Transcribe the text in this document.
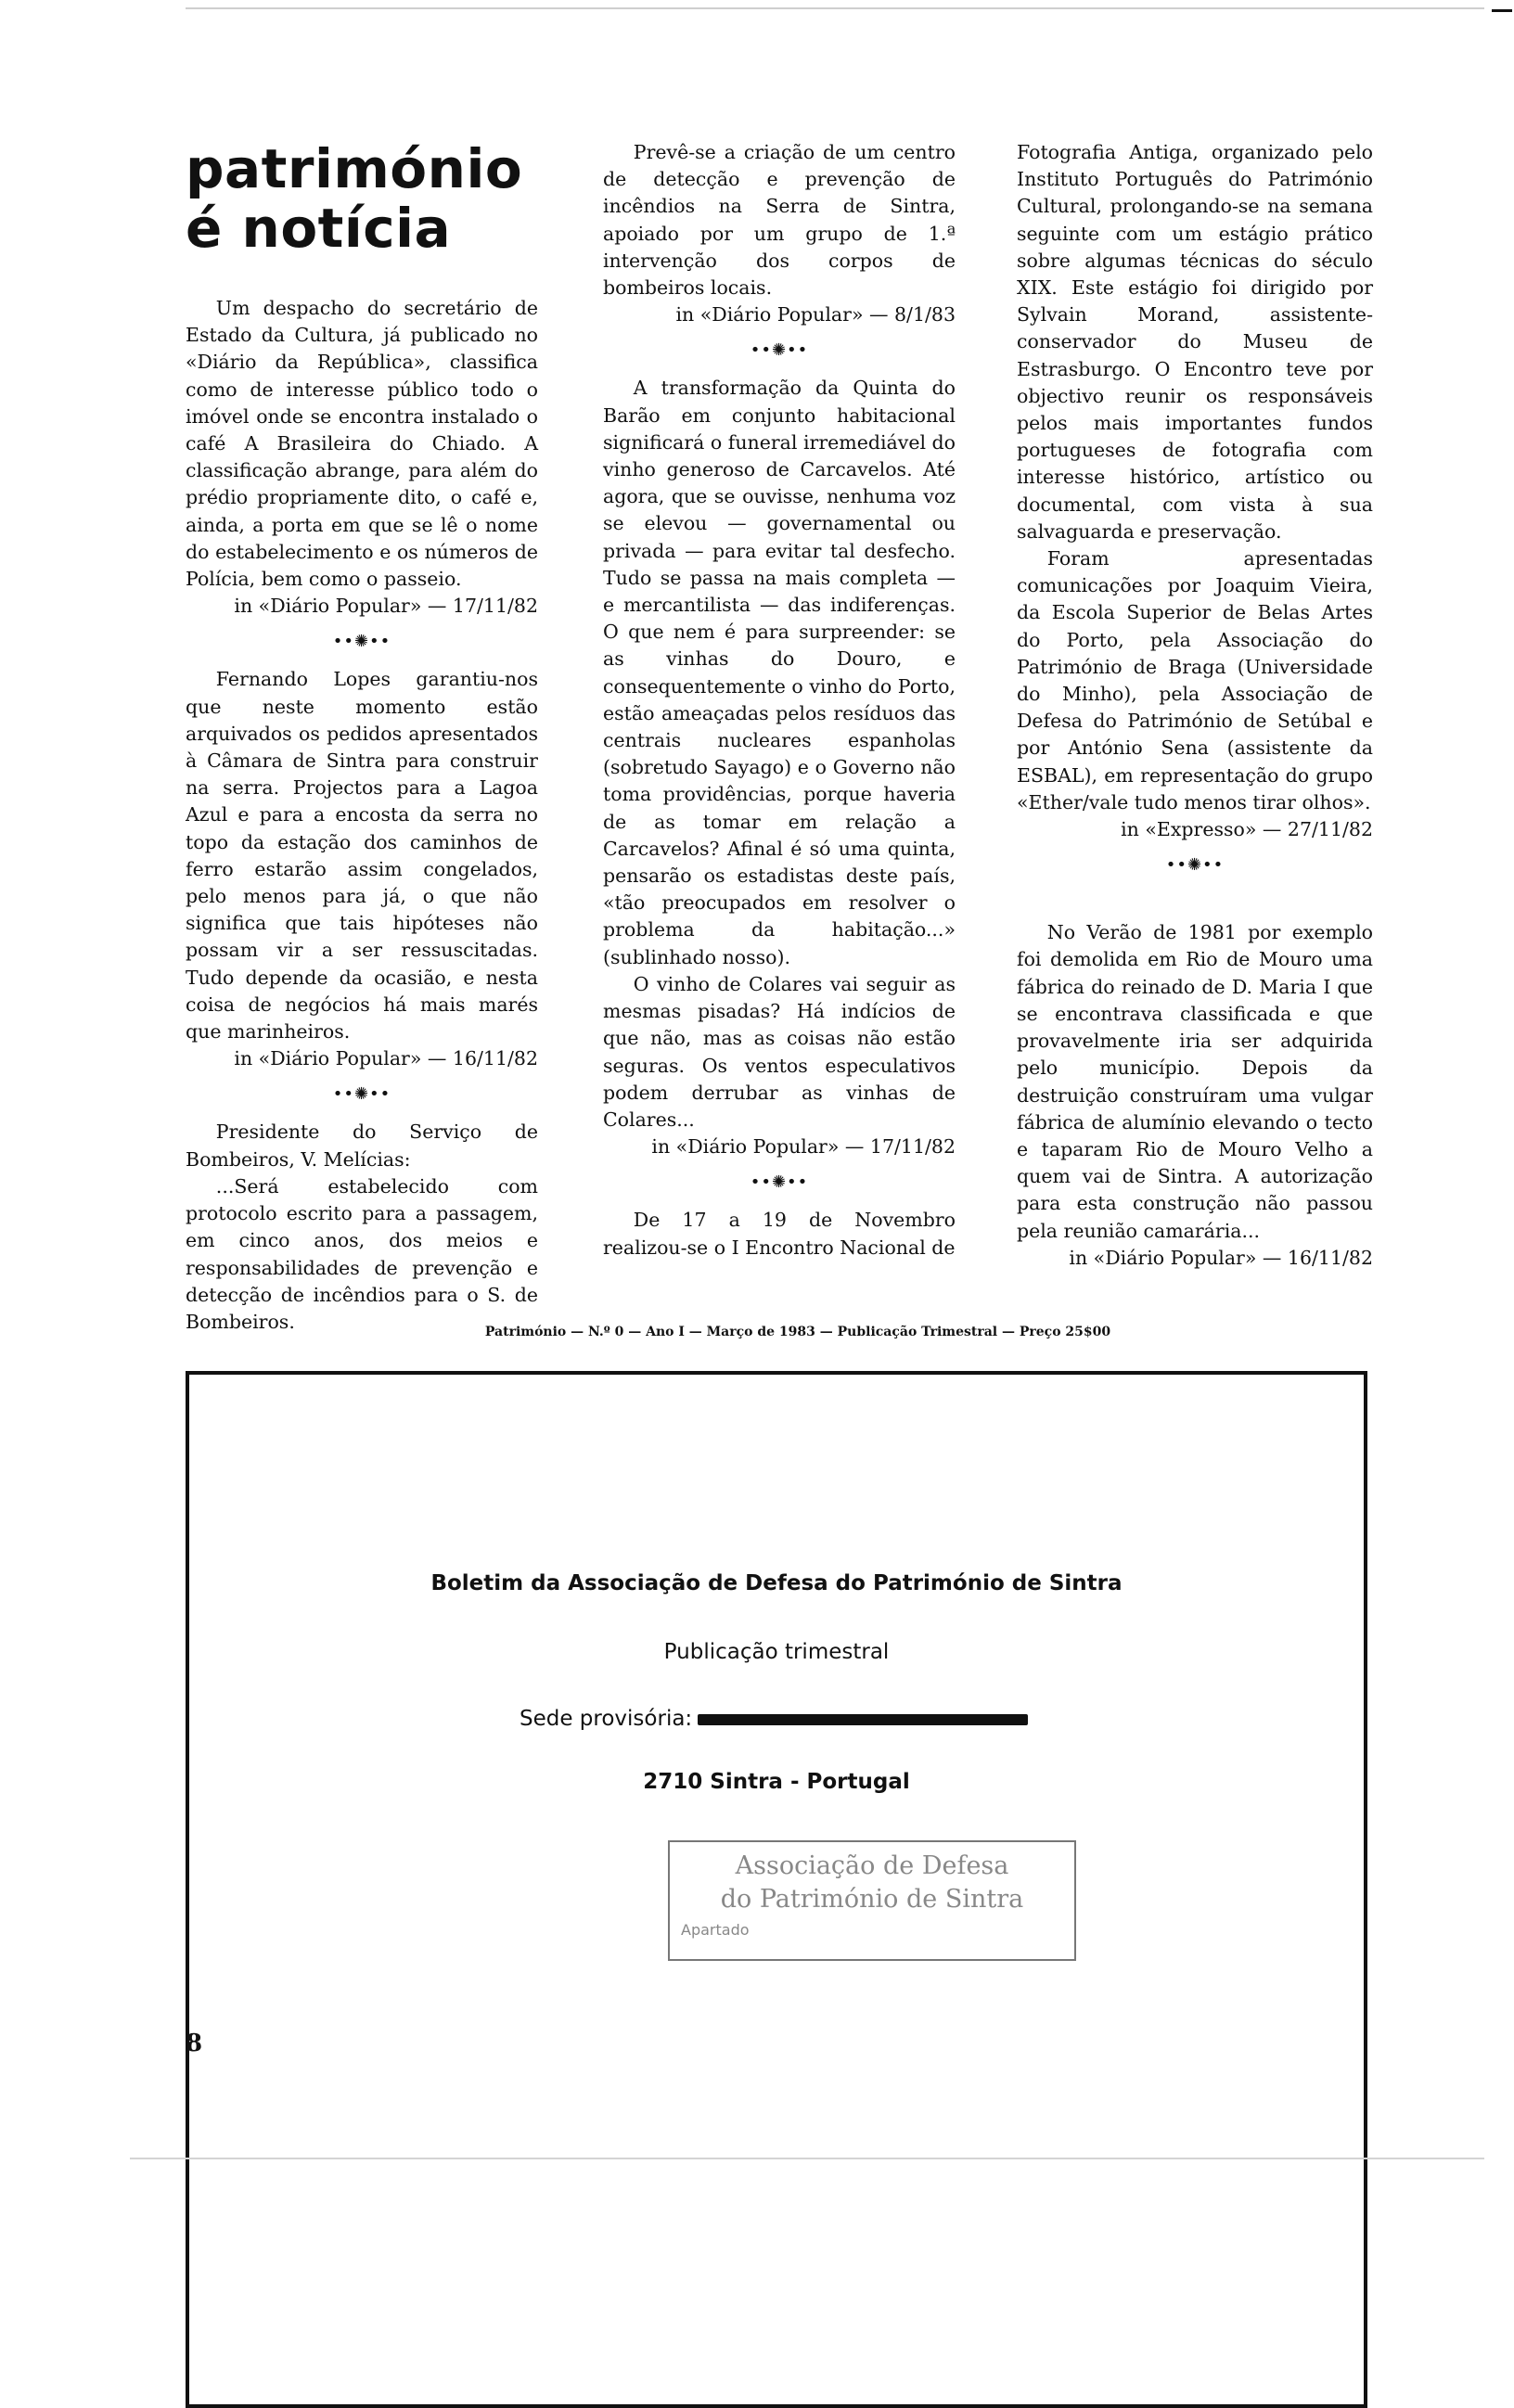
património
é notícia

Um despacho do secretário de Estado da Cultura, já publicado no «Diário da República», classifica como de interesse público todo o imóvel onde se encontra instalado o café A Brasileira do Chiado. A classificação abrange, para além do prédio propriamente dito, o café e, ainda, a porta em que se lê o nome do estabelecimento e os números de Polícia, bem como o passeio.

in «Diário Popular» — 17/11/82

••✺••

Fernando Lopes garantiu-nos que neste momento estão arquivados os pedidos apresentados à Câmara de Sintra para construir na serra. Projectos para a Lagoa Azul e para a encosta da serra no topo da estação dos caminhos de ferro estarão assim congelados, pelo menos para já, o que não significa que tais hipóteses não possam vir a ser ressuscitadas. Tudo depende da ocasião, e nesta coisa de negócios há mais marés que marinheiros.

in «Diário Popular» — 16/11/82

••✺••

Presidente do Serviço de Bombeiros, V. Melícias:

...Será estabelecido com protocolo escrito para a passagem, em cinco anos, dos meios e responsabilidades de prevenção e detecção de incêndios para o S. de Bombeiros.

Prevê-se a criação de um centro de detecção e prevenção de incêndios na Serra de Sintra, apoiado por um grupo de 1.ª intervenção dos corpos de bombeiros locais.

in «Diário Popular» — 8/1/83

••✺••

A transformação da Quinta do Barão em conjunto habitacional significará o funeral irremediável do vinho generoso de Carcavelos. Até agora, que se ouvisse, nenhuma voz se elevou — governamental ou privada — para evitar tal desfecho. Tudo se passa na mais completa — e mercantilista — das indiferenças. O que nem é para surpreender: se as vinhas do Douro, e consequentemente o vinho do Porto, estão ameaçadas pelos resíduos das centrais nucleares espanholas (sobretudo Sayago) e o Governo não toma providências, porque haveria de as tomar em relação a Carcavelos? Afinal é só uma quinta, pensarão os estadistas deste país, «tão preocupados em resolver o problema da habitação...» (sublinhado nosso).

O vinho de Colares vai seguir as mesmas pisadas? Há indícios de que não, mas as coisas não estão seguras. Os ventos especulativos podem derrubar as vinhas de Colares...

in «Diário Popular» — 17/11/82

••✺••

De 17 a 19 de Novembro realizou-se o I Encontro Nacional de

Fotografia Antiga, organizado pelo Instituto Português do Património Cultural, prolongando-se na semana seguinte com um estágio prático sobre algumas técnicas do século XIX. Este estágio foi dirigido por Sylvain Morand, assistente-conservador do Museu de Estrasburgo. O Encontro teve por objectivo reunir os responsáveis pelos mais importantes fundos portugueses de fotografia com interesse histórico, artístico ou documental, com vista à sua salvaguarda e preservação.

Foram apresentadas comunicações por Joaquim Vieira, da Escola Superior de Belas Artes do Porto, pela Associação do Património de Braga (Universidade do Minho), pela Associação de Defesa do Património de Setúbal e por António Sena (assistente da ESBAL), em representação do grupo «Ether/vale tudo menos tirar olhos».

in «Expresso» — 27/11/82

••✺••

No Verão de 1981 por exemplo foi demolida em Rio de Mouro uma fábrica do reinado de D. Maria I que se encontrava classificada e que provavelmente iria ser adquirida pelo município. Depois da destruição construíram uma vulgar fábrica de alumínio elevando o tecto e taparam Rio de Mouro Velho a quem vai de Sintra. A autorização para esta construção não passou pela reunião camarária...

in «Diário Popular» — 16/11/82

Património — N.º 0 — Ano I — Março de 1983 — Publicação Trimestral — Preço 25$00
Boletim da Associação de Defesa do Património de Sintra
Publicação trimestral
Sede provisória:
2710 Sintra - Portugal
Associação de Defesa
do Património de Sintra
Apartado
8
